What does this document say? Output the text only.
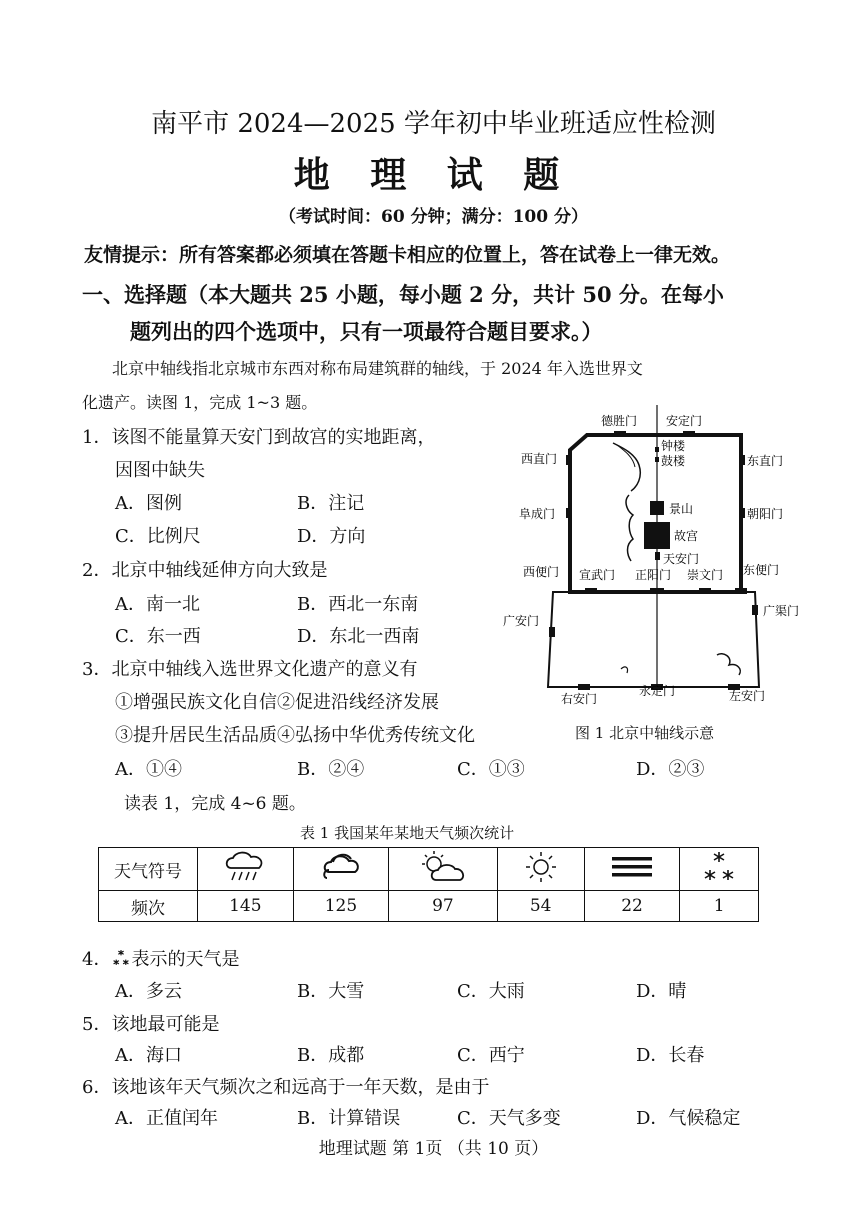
南平市 2024—2025 学年初中毕业班适应性检测
地 理 试 题
（考试时间：60 分钟；满分：100 分）
友情提示：所有答案都必须填在答题卡相应的位置上，答在试卷上一律无效。
一、选择题（本大题共 25 小题，每小题 2 分，共计 50 分。在每小
题列出的四个选项中，只有一项最符合题目要求。）
北京中轴线指北京城市东西对称布局建筑群的轴线，于 2024 年入选世界文
化遗产。读图 1，完成 1~3 题。
1．该图不能量算天安门到故宫的实地距离，
因图中缺失
A．图例	B．注记
C．比例尺	D．方向
2．北京中轴线延伸方向大致是
A．南一北	B．西北一东南
C．东一西	D．东北一西南
3．北京中轴线入选世界文化遗产的意义有
①增强民族文化自信②促进沿线经济发展
③提升居民生活品质④弘扬中华优秀传统文化
A．①④	B．②④	C．①③	D．②③
德胜门 安定门
钟楼
鼓楼
西直门	东直门
阜成门	朝阳门
景山
故宫
天安门
西便门 宣武门 正阳门 崇文门 东便门
广安门
广渠门
右安门
永定门	左安门
图 1 北京中轴线示意
读表 1，完成 4~6 题。
表 1 我国某年某地天气频次统计
天气符号						
频次	145	125	97	54	22	1
4． 表示的天气是
A．多云	B．大雪	C．大雨	D．晴
5．该地最可能是
A．海口	B．成都	C．西宁	D．长春
6．该地该年天气频次之和远高于一年天数，是由于
A．正值闰年	B．计算错误	C．天气多变	D．气候稳定
地理试题 第 1页 （共 10 页）
